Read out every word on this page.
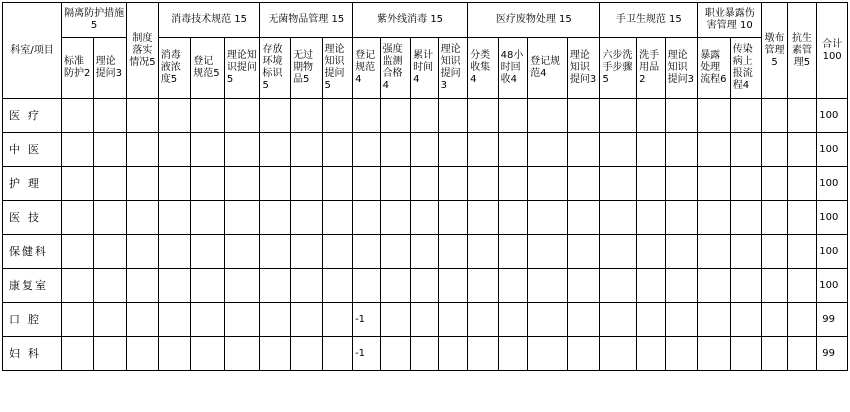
科室/项目	隔离防护措施5		制度落实情况5	消毒技术规范 15			无菌物品管理 15			紫外线消毒 15				医疗废物处理 15				手卫生规范 15			职业暴露伤害管理 10		墩布管理5	抗生素管理5	合计100
	标准防护2	理论提问3		消毒液浓度5	登记规范5	理论知识提问5	存放环境标识5	无过期物品5	理论知识提问5	登记规范4	强度监测合格4	累计时间4	理论知识提问3	分类收集4	48小时回收4	登记规范4	理论知识提问3	六步洗手步骤5	洗手用品2	理论知识提问3	暴露处理流程6	传染病上报流程4			
医疗																									100
中医																									100
护理																									100
医技																									100
保健科																									100
康复室																									100
口腔										-1															99
妇科										-1															99
